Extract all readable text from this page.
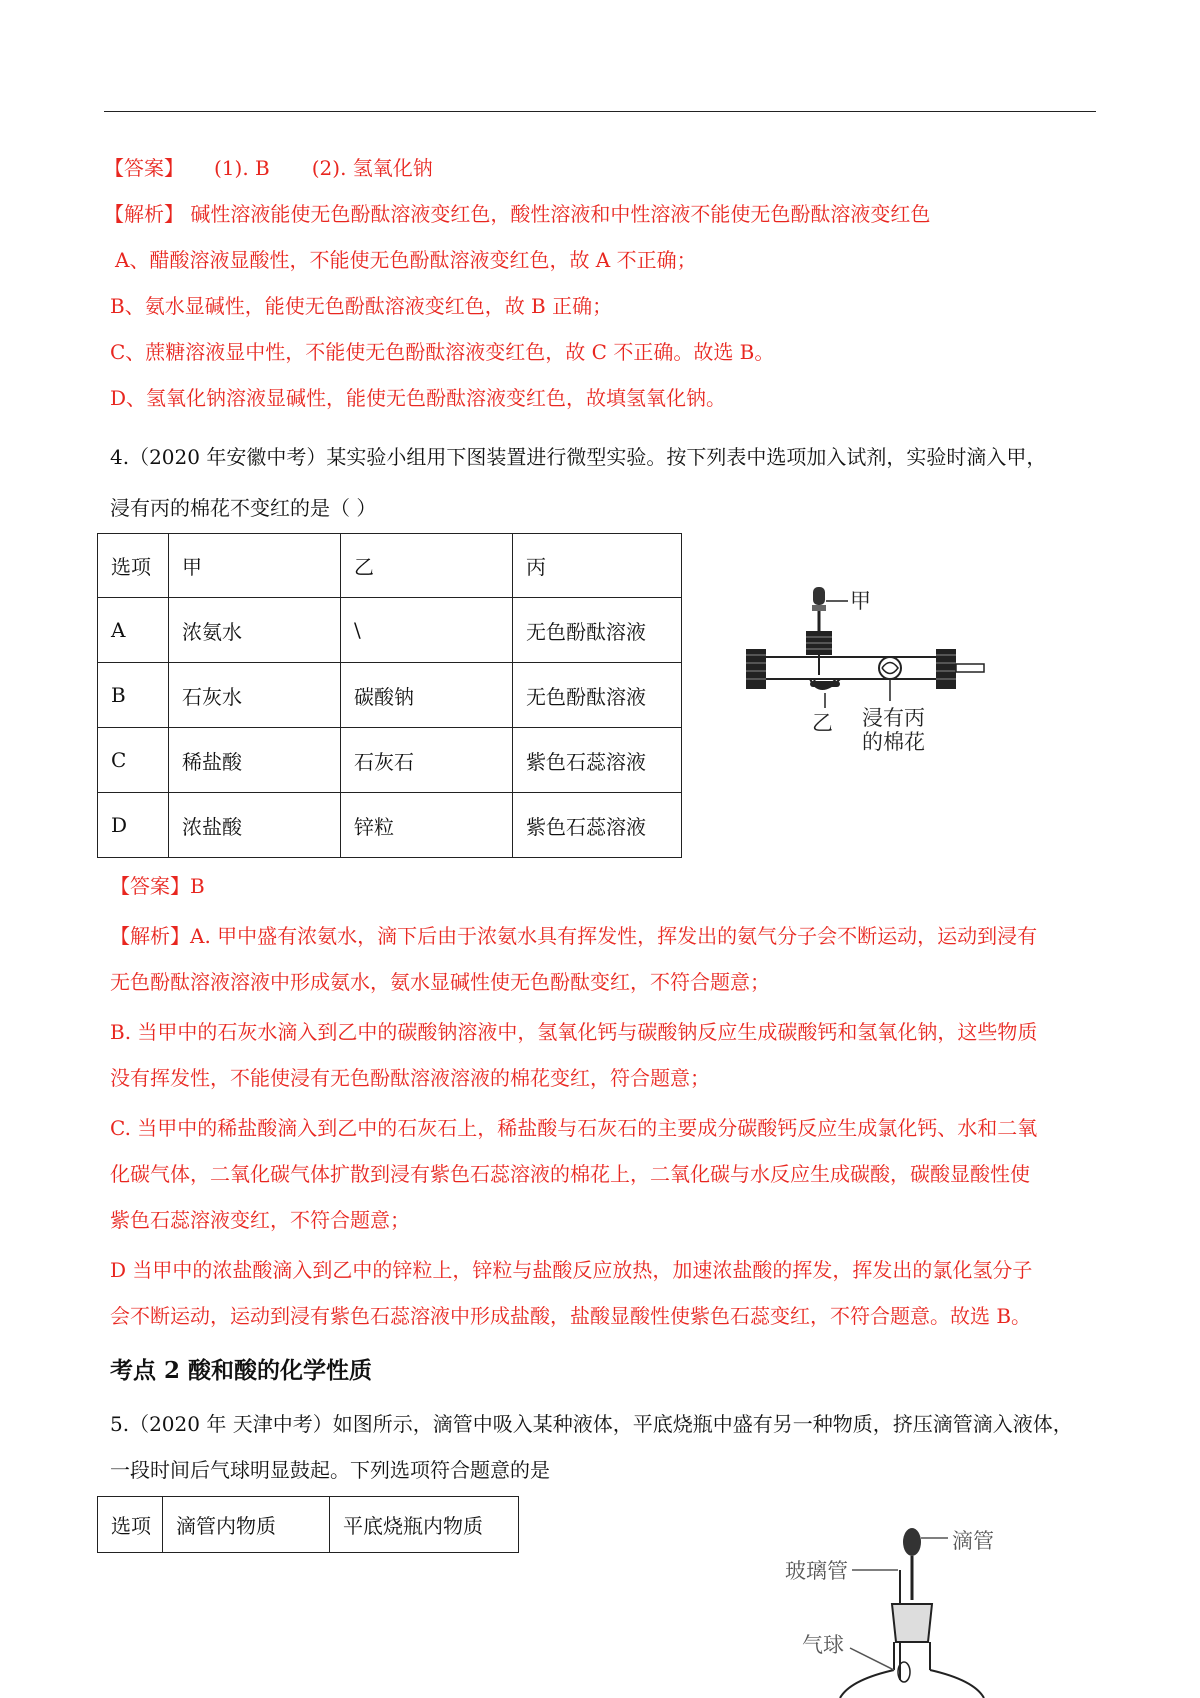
【答案】 (1). B (2). 氢氧化钠
【解析】 碱性溶液能使无色酚酞溶液变红色，酸性溶液和中性溶液不能使无色酚酞溶液变红色
A、醋酸溶液显酸性，不能使无色酚酞溶液变红色，故 A 不正确；
B、氨水显碱性，能使无色酚酞溶液变红色，故 B 正确；
C、蔗糖溶液显中性，不能使无色酚酞溶液变红色，故 C 不正确。故选 B。
D、氢氧化钠溶液显碱性，能使无色酚酞溶液变红色，故填氢氧化钠。
4.（2020 年安徽中考）某实验小组用下图装置进行微型实验。按下列表中选项加入试剂，实验时滴入甲，
浸有丙的棉花不变红的是（ ）
选项	甲	乙	丙
A	浓氨水	\	无色酚酞溶液
B	石灰水	碳酸钠	无色酚酞溶液
C	稀盐酸	石灰石	紫色石蕊溶液
D	浓盐酸	锌粒	紫色石蕊溶液
甲
乙 浸有丙
的棉花
【答案】B
【解析】A. 甲中盛有浓氨水，滴下后由于浓氨水具有挥发性，挥发出的氨气分子会不断运动，运动到浸有
无色酚酞溶液溶液中形成氨水，氨水显碱性使无色酚酞变红，不符合题意；
B. 当甲中的石灰水滴入到乙中的碳酸钠溶液中，氢氧化钙与碳酸钠反应生成碳酸钙和氢氧化钠，这些物质
没有挥发性，不能使浸有无色酚酞溶液溶液的棉花变红，符合题意；
C. 当甲中的稀盐酸滴入到乙中的石灰石上，稀盐酸与石灰石的主要成分碳酸钙反应生成氯化钙、水和二氧
化碳气体，二氧化碳气体扩散到浸有紫色石蕊溶液的棉花上，二氧化碳与水反应生成碳酸，碳酸显酸性使
紫色石蕊溶液变红，不符合题意；
D 当甲中的浓盐酸滴入到乙中的锌粒上，锌粒与盐酸反应放热，加速浓盐酸的挥发，挥发出的氯化氢分子
会不断运动，运动到浸有紫色石蕊溶液中形成盐酸，盐酸显酸性使紫色石蕊变红，不符合题意。故选 B。
考点 2 酸和酸的化学性质
5.（2020 年 天津中考）如图所示，滴管中吸入某种液体，平底烧瓶中盛有另一种物质，挤压滴管滴入液体，
一段时间后气球明显鼓起。下列选项符合题意的是
选项	滴管内物质	平底烧瓶内物质
滴管
玻璃管
气球
